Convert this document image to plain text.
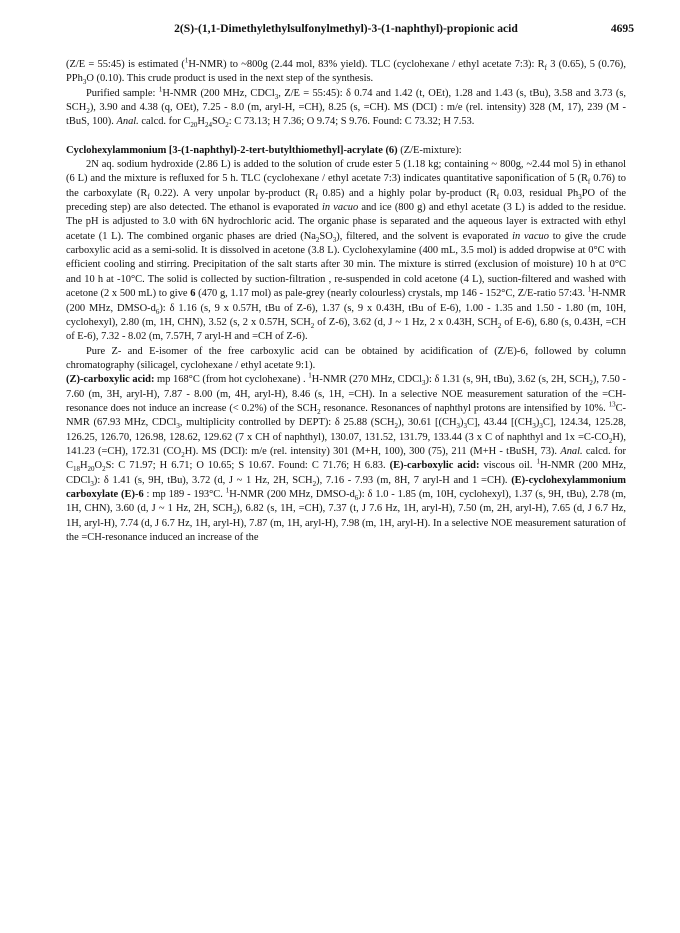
2(S)-(1,1-Dimethylethylsulfonylmethyl)-3-(1-naphthyl)-propionic acid	4695

(Z/E = 55:45) is estimated ($^1$H-NMR) to ~800g (2.44 mol, 83% yield). TLC (cyclohexane / ethyl acetate 7:3): $R_f$ 3 (0.65), 5 (0.76), PPh$_3$O (0.10). This crude product is used in the next step of the synthesis.

Purified sample: $^1$H-NMR (200 MHz, CDCl$_3$, Z/E = 55:45): δ 0.74 and 1.42 (t, OEt), 1.28 and 1.43 (s, tBu), 3.58 and 3.73 (s, $SCH_2$), 3.90 and 4.38 (q, OEt), 7.25 - 8.0 (m, aryl-H, =CH), 8.25 (s, =CH). MS (DCI) : m/e (rel. intensity) 328 (M, 17), 239 (M - tBuS, 100). Anal. calcd. for $C_{20}H_{24}SO_2$: C 73.13; H 7.36; O 9.74; S 9.76. Found: C 73.32; H 7.53.

Cyclohexylammonium [3-(1-naphthyl)-2-tert-butylthiomethyl]-acrylate (6) (Z/E-mixture):

2N aq. sodium hydroxide (2.86 L) is added to the solution of crude ester 5 (1.18 kg; containing ~ 800g, ~2.44 mol 5) in ethanol (6 L) and the mixture is refluxed for 5 h. TLC (cyclohexane / ethyl acetate 7:3) indicates quantitative saponification of 5 ($R_f$ 0.76) to the carboxylate ($R_f$ 0.22). A very unpolar by-product ($R_f$ 0.85) and a highly polar by-product ($R_f$ 0.03, residual $Ph_3PO$ of the preceding step) are also detected. The ethanol is evaporated in vacuo and ice (800 g) and ethyl acetate (3 L) is added to the residue. The pH is adjusted to 3.0 with 6N hydrochloric acid. The organic phase is separated and the aqueous layer is extracted with ethyl acetate (1 L). The combined organic phases are dried $(Na_2SO_3)$, filtered, and the solvent is evaporated in vacuo to give the crude carboxylic acid as a semi-solid. It is dissolved in acetone (3.8 L). Cyclohexylamine (400 mL, 3.5 mol) is added dropwise at 0°C with efficient cooling and stirring. Precipitation of the salt starts after 30 min. The mixture is stirred (exclusion of moisture) 10 h at 0°C and 10 h at -10°C. The solid is collected by suction-filtration , re-suspended in cold acetone (4 L), suction-filtered and washed with acetone (2 x 500 mL) to give 6 (470 g, 1.17 mol) as pale-grey (nearly colourless) crystals, mp 146 - 152°C, Z/E-ratio 57:43. $^1$H-NMR (200 MHz, DMSO-$d_6$): δ 1.16 (s, 9 x 0.57H, tBu of Z-6), 1.37 (s, 9 x 0.43H, tBu of E-6), 1.00 - 1.35 and 1.50 - 1.80 (m, 10H, cyclohexyl), 2.80 (m, 1H, CHN), 3.52 (s, 2 x 0.57H, $SCH_2$ of Z-6), 3.62 (d, J ~ 1 Hz, 2 x 0.43H, $SCH_2$ of E-6), 6.80 (s, 0.43H, =CH of E-6), 7.32 - 8.02 (m, 7.57H, 7 aryl-H and =CH of Z-6).

Pure Z- and E-isomer of the free carboxylic acid can be obtained by acidification of (Z/E)-6, followed by column chromatography (silicagel, cyclohexane / ethyl acetate 9:1).

(Z)-carboxylic acid: mp 168°C (from hot cyclohexane) . $^1$H-NMR (270 MHz, CDCl$_3$): δ 1.31 (s, 9H, tBu), 3.62 (s, 2H, $SCH_2$), 7.50 - 7.60 (m, 3H, aryl-H), 7.87 - 8.00 (m, 4H, aryl-H), 8.46 (s, 1H, =CH). In a selective NOE measurement saturation of the =CH-resonance does not induce an increase (< 0.2%) of the $SCH_2$ resonance. Resonances of naphthyl protons are intensified by 10%. $^{13}$C-NMR (67.93 MHz, CDCl$_3$, multiplicity controlled by DEPT): δ 25.88 $(SCH_2)$, 30.61 $[(CH_3)_3C]$, 43.44 $[(CH_3)_3C]$, 124.34, 125.28, 126.25, 126.70, 126.98, 128.62, 129.62 (7 x CH of naphthyl), 130.07, 131.52, 131.79, 133.44 (3 x C of naphthyl and $1x =C-CO_2H$), 141.23 (=CH), 172.31 $(CO_2H)$. MS (DCI): m/e (rel. intensity) 301 (M+H, 100), 300 (75), 211 (M+H - tBuSH, 73). Anal. calcd. for $C_{18}H_{20}O_2S$: C 71.97; H 6.71; O 10.65; S 10.67. Found: C 71.76; H 6.83. (E)-carboxylic acid: viscous oil. $^1$H-NMR (200 MHz, CDCl$_3$): δ 1.41 (s, 9H, tBu), 3.72 (d, J ~ 1 Hz, 2H, $SCH_2$), 7.16 - 7.93 (m, 8H, 7 aryl-H and 1 =CH). (E)-cyclohexylammonium carboxylate (E)-6 : mp 189 - 193°C. $^1$H-NMR (200 MHz, DMSO-$d_6$): δ 1.0 - 1.85 (m, 10H, cyclohexyl), 1.37 (s, 9H, tBu), 2.78 (m, 1H, CHN), 3.60 (d, J ~ 1 Hz, 2H, $SCH_2$), 6.82 (s, 1H, =CH), 7.37 (t, J 7.6 Hz, 1H, aryl-H), 7.50 (m, 2H, aryl-H), 7.65 (d, J 6.7 Hz, 1H, aryl-H), 7.74 (d, J 6.7 Hz, 1H, aryl-H), 7.87 (m, 1H, aryl-H), 7.98 (m, 1H, aryl-H). In a selective NOE measurement saturation of the =CH-resonance induced an increase of the
